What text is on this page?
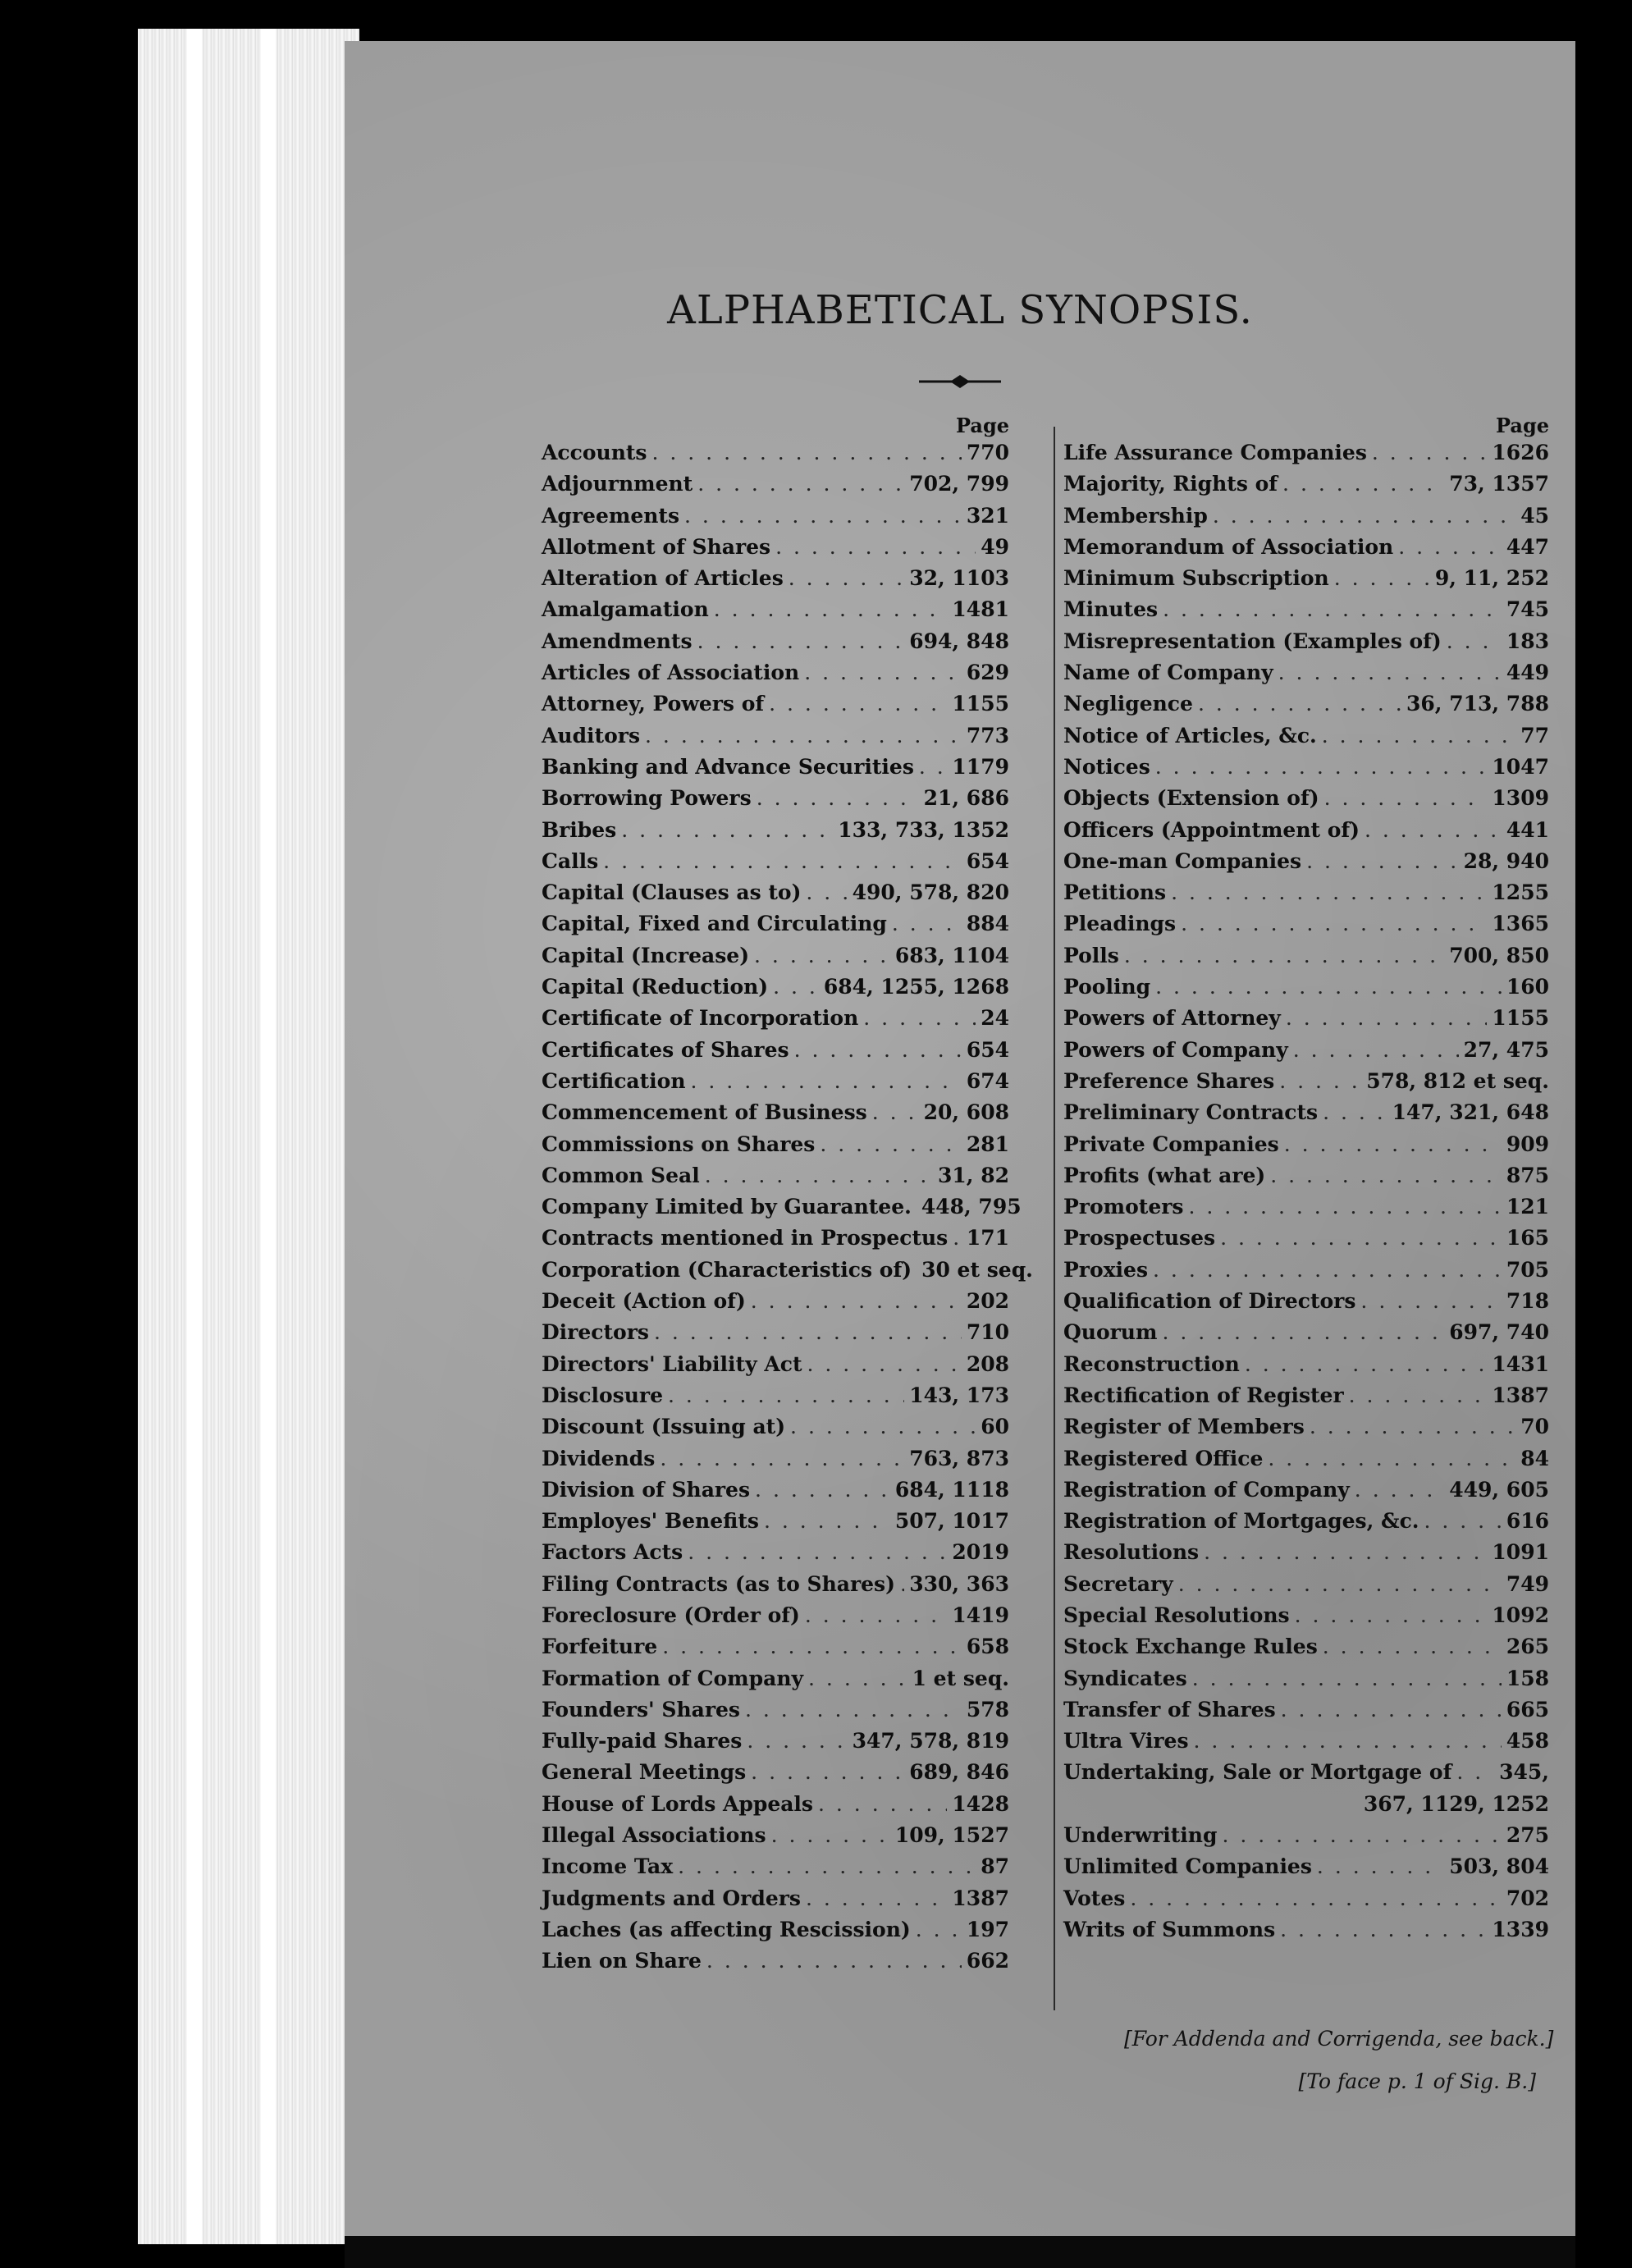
ALPHABETICAL SYNOPSIS.
Page
Accounts . . .	770
Adjournment . . .	702, 799
Agreements . . .	321
Allotment of Shares . . .	49
Alteration of Articles . . .	32, 1103
Amalgamation . . .	1481
Amendments . . .	694, 848
Articles of Association . . .	629
Attorney, Powers of . . .	1155
Auditors . . .	773
Banking and Advance Securities . . . 1179
Borrowing Powers . . .	21, 686
Bribes . . .	133, 733, 1352
Calls . . .	654
Capital (Clauses as to) . . . 490, 578, 820
Capital, Fixed and Circulating . . .	884
Capital (Increase) . . .	683, 1104
Capital (Reduction) . . .	684, 1255, 1268
Certificate of Incorporation . . .	24
Certificates of Shares . . .	654
Certification . . .	674
Commencement of Business . . .	20, 608
Commissions on Shares . . .	281
Common Seal . . .	31, 82
Company Limited by Guarantee. 448, 795
Contracts mentioned in Prospectus . . . 171
Corporation (Characteristics of) 30 et seq.
Deceit (Action of) . . .	202
Directors . . .	710
Directors' Liability Act . . .	208
Disclosure . . .	143, 173
Discount (Issuing at) . . .	60
Dividends . . .	763, 873
Division of Shares . . .	684, 1118
Employes' Benefits . . .	507, 1017
Factors Acts . . .	2019
Filing Contracts (as to Shares) . . . 330, 363
Foreclosure (Order of) . . .	1419
Forfeiture . . .	658
Formation of Company . . .	1 et seq.
Founders' Shares . . .	578
Fully-paid Shares . . .	347, 578, 819
General Meetings . . .	689, 846
House of Lords Appeals . . .	1428
Illegal Associations . . .	109, 1527
Income Tax . . .	87
Judgments and Orders . . .	1387
Laches (as affecting Rescission) . . .	197
Lien on Share . . .	662
Page
Life Assurance Companies . . .	1626
Majority, Rights of . . .	73, 1357
Membership . . .	45
Memorandum of Association . . .	447
Minimum Subscription . . .	9, 11, 252
Minutes . . .	745
Misrepresentation (Examples of) . . .	183
Name of Company . . .	449
Negligence . . .	36, 713, 788
Notice of Articles, &c. . . .	77
Notices . . .	1047
Objects (Extension of) . . .	1309
Officers (Appointment of) . . .	441
One-man Companies . . .	28, 940
Petitions . . .	1255
Pleadings . . .	1365
Polls . . .	700, 850
Pooling . . .	160
Powers of Attorney . . .	1155
Powers of Company . . .	27, 475
Preference Shares . . .	578, 812 et seq.
Preliminary Contracts . . .	147, 321, 648
Private Companies . . .	909
Profits (what are) . . .	875
Promoters . . .	121
Prospectuses . . .	165
Proxies . . .	705
Qualification of Directors . . .	718
Quorum . . .	697, 740
Reconstruction . . .	1431
Rectification of Register . . .	1387
Register of Members . . .	70
Registered Office . . .	84
Registration of Company . . .	449, 605
Registration of Mortgages, &c. . . .	616
Resolutions . . .	1091
Secretary . . .	749
Special Resolutions . . .	1092
Stock Exchange Rules . . .	265
Syndicates . . .	158
Transfer of Shares . . .	665
Ultra Vires . . .	458
Undertaking, Sale or Mortgage of . . . 345,
367, 1129, 1252
Underwriting . . .	275
Unlimited Companies . . .	503, 804
Votes . . .	702
Writs of Summons . . .	1339
[For Addenda and Corrigenda, see back.]
[To face p. 1 of Sig. B.]
